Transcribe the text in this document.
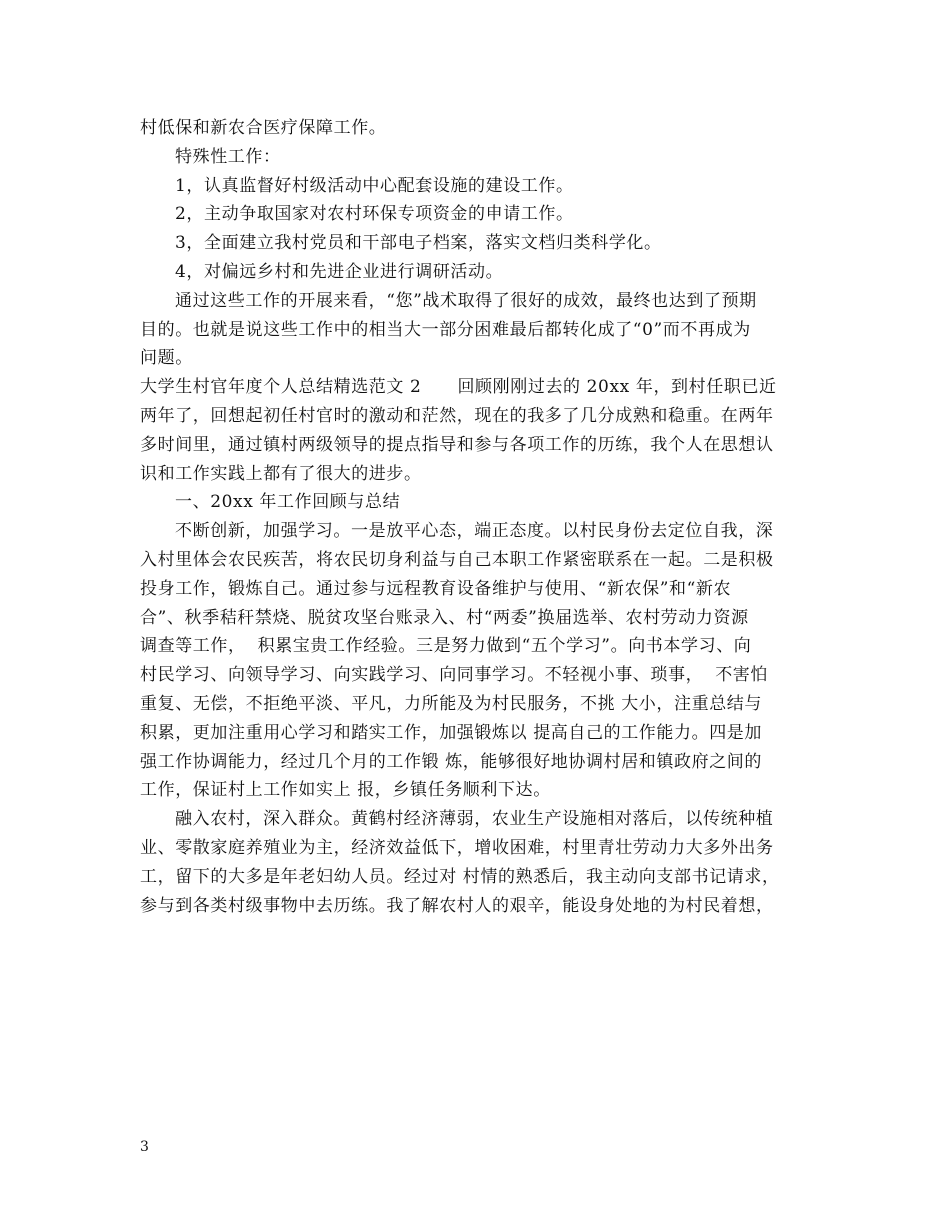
村低保和新农合医疗保障工作。
特殊性工作：
1，认真监督好村级活动中心配套设施的建设工作。
2，主动争取国家对农村环保专项资金的申请工作。
3，全面建立我村党员和干部电子档案，落实文档归类科学化。
4，对偏远乡村和先进企业进行调研活动。
通过这些工作的开展来看，“您”战术取得了很好的成效，最终也达到了预期
目的。也就是说这些工作中的相当大一部分困难最后都转化成了“0”而不再成为
问题。
大学生村官年度个人总结精选范文 2      回顾刚刚过去的 20xx 年，到村任职已近
两年了，回想起初任村官时的激动和茫然，现在的我多了几分成熟和稳重。在两年
多时间里，通过镇村两级领导的提点指导和参与各项工作的历练，我个人在思想认
识和工作实践上都有了很大的进步。
一、20xx 年工作回顾与总结
不断创新，加强学习。一是放平心态，端正态度。以村民身份去定位自我，深
入村里体会农民疾苦，将农民切身利益与自己本职工作紧密联系在一起。二是积极
投身工作，锻炼自己。通过参与远程教育设备维护与使用、“新农保”和“新农
合”、秋季秸秆禁烧、脱贫攻坚台账录入、村“两委”换届选举、农村劳动力资源
调查等工作，  积累宝贵工作经验。三是努力做到“五个学习”。向书本学习、向
村民学习、向领导学习、向实践学习、向同事学习。不轻视小事、琐事，  不害怕
重复、无偿，不拒绝平淡、平凡，力所能及为村民服务，不挑 大小，注重总结与
积累，更加注重用心学习和踏实工作，加强锻炼以 提高自己的工作能力。四是加
强工作协调能力，经过几个月的工作锻 炼，能够很好地协调村居和镇政府之间的
工作，保证村上工作如实上 报，乡镇任务顺利下达。
融入农村，深入群众。黄鹤村经济薄弱，农业生产设施相对落后，以传统种植
业、零散家庭养殖业为主，经济效益低下，增收困难，村里青壮劳动力大多外出务
工，留下的大多是年老妇幼人员。经过对 村情的熟悉后，我主动向支部书记请求，
参与到各类村级事物中去历练。我了解农村人的艰辛，能设身处地的为村民着想，
3
